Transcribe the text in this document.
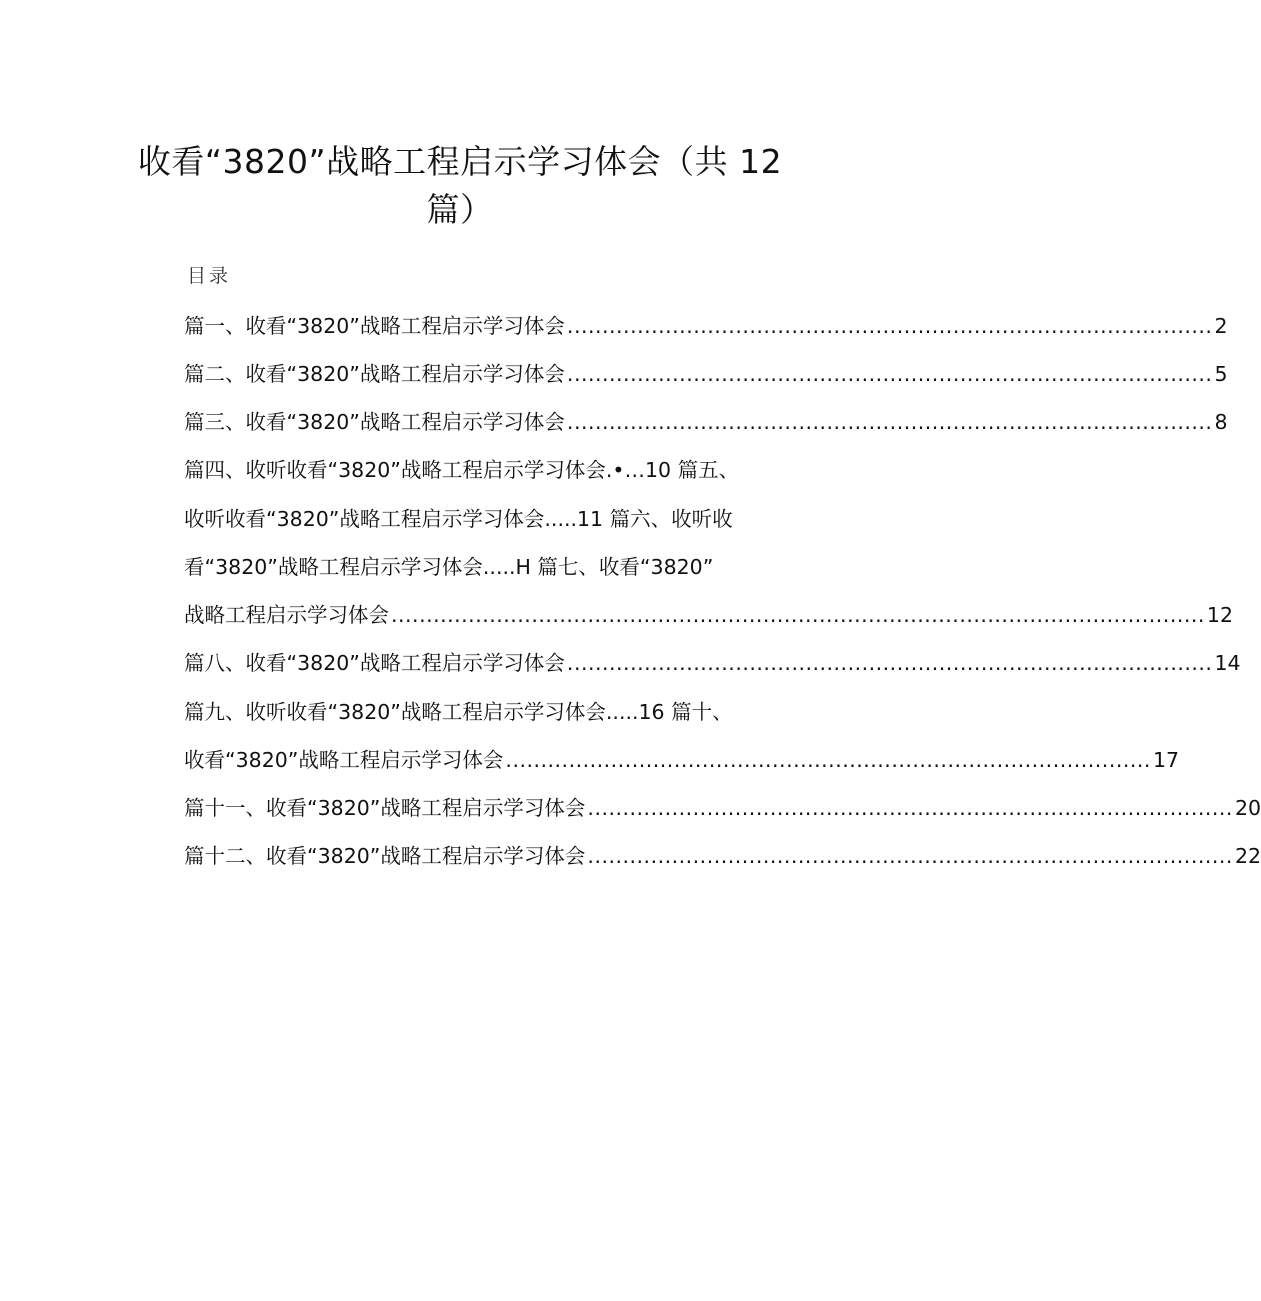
收看“3820”战略工程启示学习体会（共 12
篇）
目录
篇一、收看“3820”战略工程启示学习体会 ............................................................................................ 2
篇二、收看“3820”战略工程启示学习体会 ............................................................................................ 5
篇三、收看“3820”战略工程启示学习体会 ............................................................................................ 8
篇四、收听收看“3820”战略工程启示学习体会.•…10 篇五、
收听收看“3820”战略工程启示学习体会.....11 篇六、收听收
看“3820”战略工程启示学习体会.....H 篇七、收看“3820”
战略工程启示学习体会 .................................................................................................................... 12
篇八、收看“3820”战略工程启示学习体会 ............................................................................................ 14
篇九、收听收看“3820”战略工程启示学习体会.....16 篇十、
收看“3820”战略工程启示学习体会 ............................................................................................ 17
篇十一、收看“3820”战略工程启示学习体会 ............................................................................................ 20
篇十二、收看“3820”战略工程启示学习体会 ............................................................................................ 22
